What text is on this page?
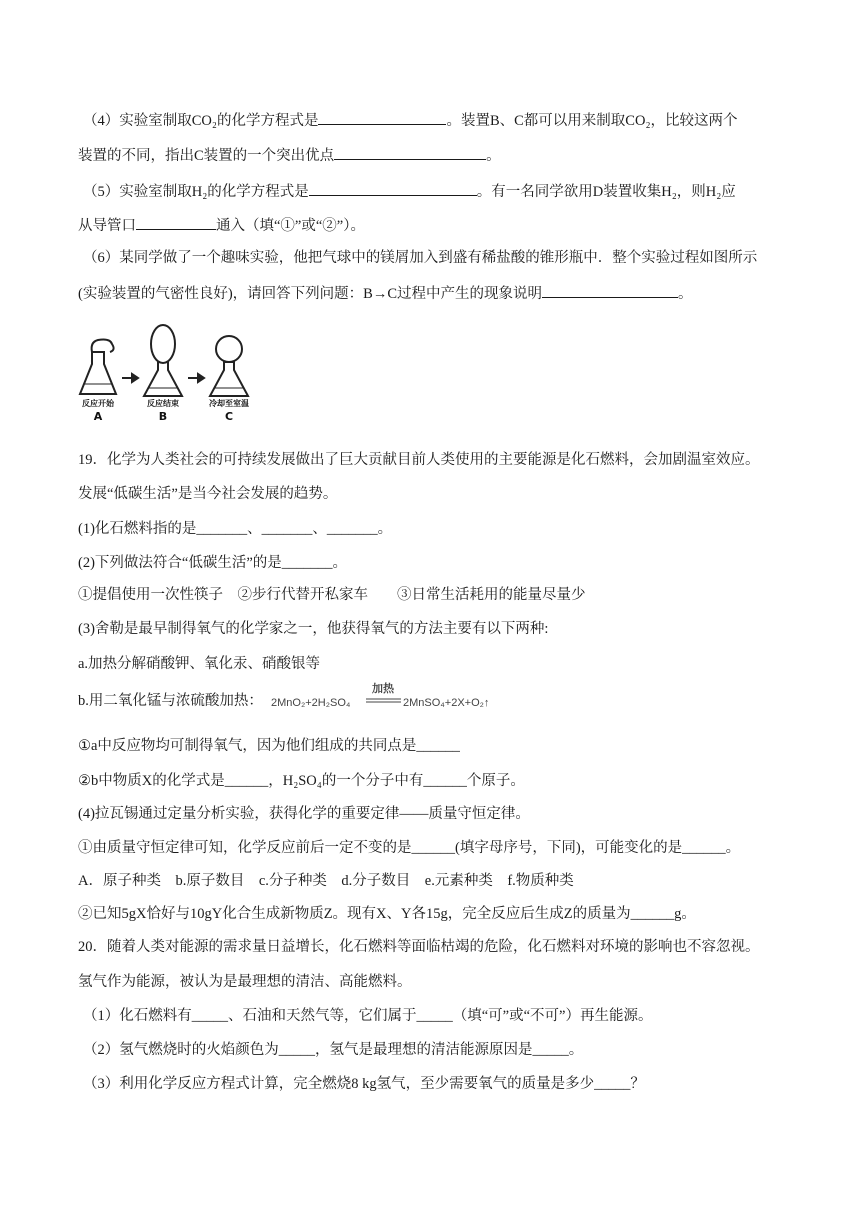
（4）实验室制取CO₂的化学方程式是	。装置B、C都可以用来制取CO₂，比较这两个
装置的不同，指出C装置的一个突出优点	。
（5）实验室制取H₂的化学方程式是	。有一名同学欲用D装置收集H₂，则H₂应
从导管口	通入（填“①”或“②”）。
（6）某同学做了一个趣味实验，他把气球中的镁屑加入到盛有稀盐酸的锥形瓶中．整个实验过程如图所示
(实验装置的气密性良好)，请回答下列问题：B→C过程中产生的现象说明	。
反应开始	反应结束	冷却至室温
A	B	C
19．化学为人类社会的可持续发展做出了巨大贡献目前人类使用的主要能源是化石燃料，会加剧温室效应。
发展“低碳生活”是当今社会发展的趋势。
(1)化石燃料指的是_______、_______、_______。
(2)下列做法符合“低碳生活”的是_______。
①提倡使用一次性筷子　②步行代替开私家车　　③日常生活耗用的能量尽量少
(3)舍勒是最早制得氧气的化学家之一，他获得氧气的方法主要有以下两种:
a.加热分解硝酸钾、氧化汞、硝酸银等
b.用二氧化锰与浓硫酸加热： 2MnO₂+2H₂SO₄
加热
2MnSO₄+2X+O₂↑
①a中反应物均可制得氧气，因为他们组成的共同点是______
②b中物质X的化学式是______，H₂SO₄的一个分子中有______个原子。
(4)拉瓦锡通过定量分析实验，获得化学的重要定律——质量守恒定律。
①由质量守恒定律可知，化学反应前后一定不变的是______(填字母序号，下同)，可能变化的是______。
A．原子种类　b.原子数目　c.分子种类　d.分子数目　e.元素种类　f.物质种类
②已知5gX恰好与10gY化合生成新物质Z。现有X、Y各15g，完全反应后生成Z的质量为______g。
20．随着人类对能源的需求量日益增长，化石燃料等面临枯竭的危险，化石燃料对环境的影响也不容忽视。
氢气作为能源，被认为是最理想的清洁、高能燃料。
（1）化石燃料有_____、石油和天然气等，它们属于_____（填“可”或“不可”）再生能源。
（2）氢气燃烧时的火焰颜色为_____，氢气是最理想的清洁能源原因是_____。
（3）利用化学反应方程式计算，完全燃烧8 kg氢气，至少需要氧气的质量是多少_____？
